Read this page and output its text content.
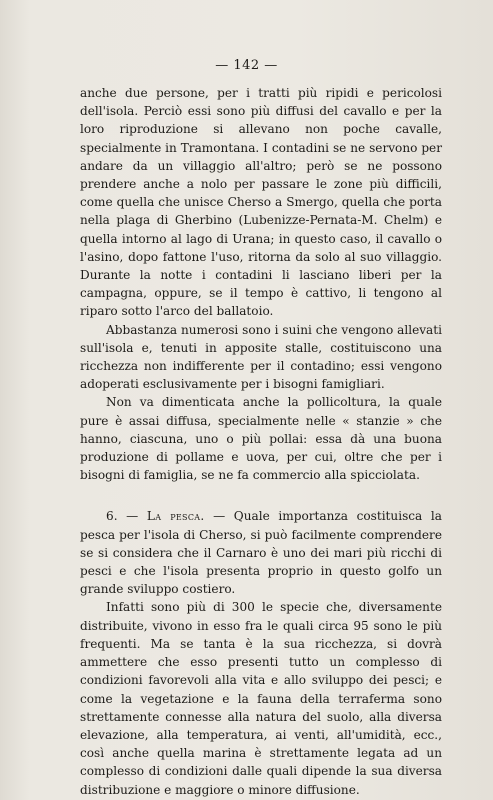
— 142 —

anche due persone, per i tratti più ripidi e pericolosi dell'isola. Perciò essi sono più diffusi del cavallo e per la loro riproduzione si allevano non poche cavalle, specialmente in Tramontana. I contadini se ne servono per andare da un villaggio all'altro; però se ne possono prendere anche a nolo per passare le zone più difficili, come quella che unisce Cherso a Smergo, quella che porta nella plaga di Gherbino (Lubenizze-Pernata-M. Chelm) e quella intorno al lago di Urana; in questo caso, il cavallo o l'asino, dopo fattone l'uso, ritorna da solo al suo villaggio. Durante la notte i contadini li lasciano liberi per la campagna, oppure, se il tempo è cattivo, li tengono al riparo sotto l'arco del ballatoio.

Abbastanza numerosi sono i suini che vengono allevati sull'isola e, tenuti in apposite stalle, costituiscono una ricchezza non indifferente per il contadino; essi vengono adoperati esclusivamente per i bisogni famigliari.

Non va dimenticata anche la pollicoltura, la quale pure è assai diffusa, specialmente nelle « stanzie » che hanno, ciascuna, uno o più pollai: essa dà una buona produzione di pollame e uova, per cui, oltre che per i bisogni di famiglia, se ne fa commercio alla spicciolata.

6. — La pesca. — Quale importanza costituisca la pesca per l'isola di Cherso, si può facilmente comprendere se si considera che il Carnaro è uno dei mari più ricchi di pesci e che l'isola presenta proprio in questo golfo un grande sviluppo costiero.

Infatti sono più di 300 le specie che, diversamente distribuite, vivono in esso fra le quali circa 95 sono le più frequenti. Ma se tanta è la sua ricchezza, si dovrà ammettere che esso presenti tutto un complesso di condizioni favorevoli alla vita e allo sviluppo dei pesci; e come la vegetazione e la fauna della terraferma sono strettamente connesse alla natura del suolo, alla diversa elevazione, alla temperatura, ai venti, all'umidità, ecc., così anche quella marina è strettamente legata ad un complesso di condizioni dalle quali dipende la sua diversa distribuzione e maggiore o minore diffusione.
